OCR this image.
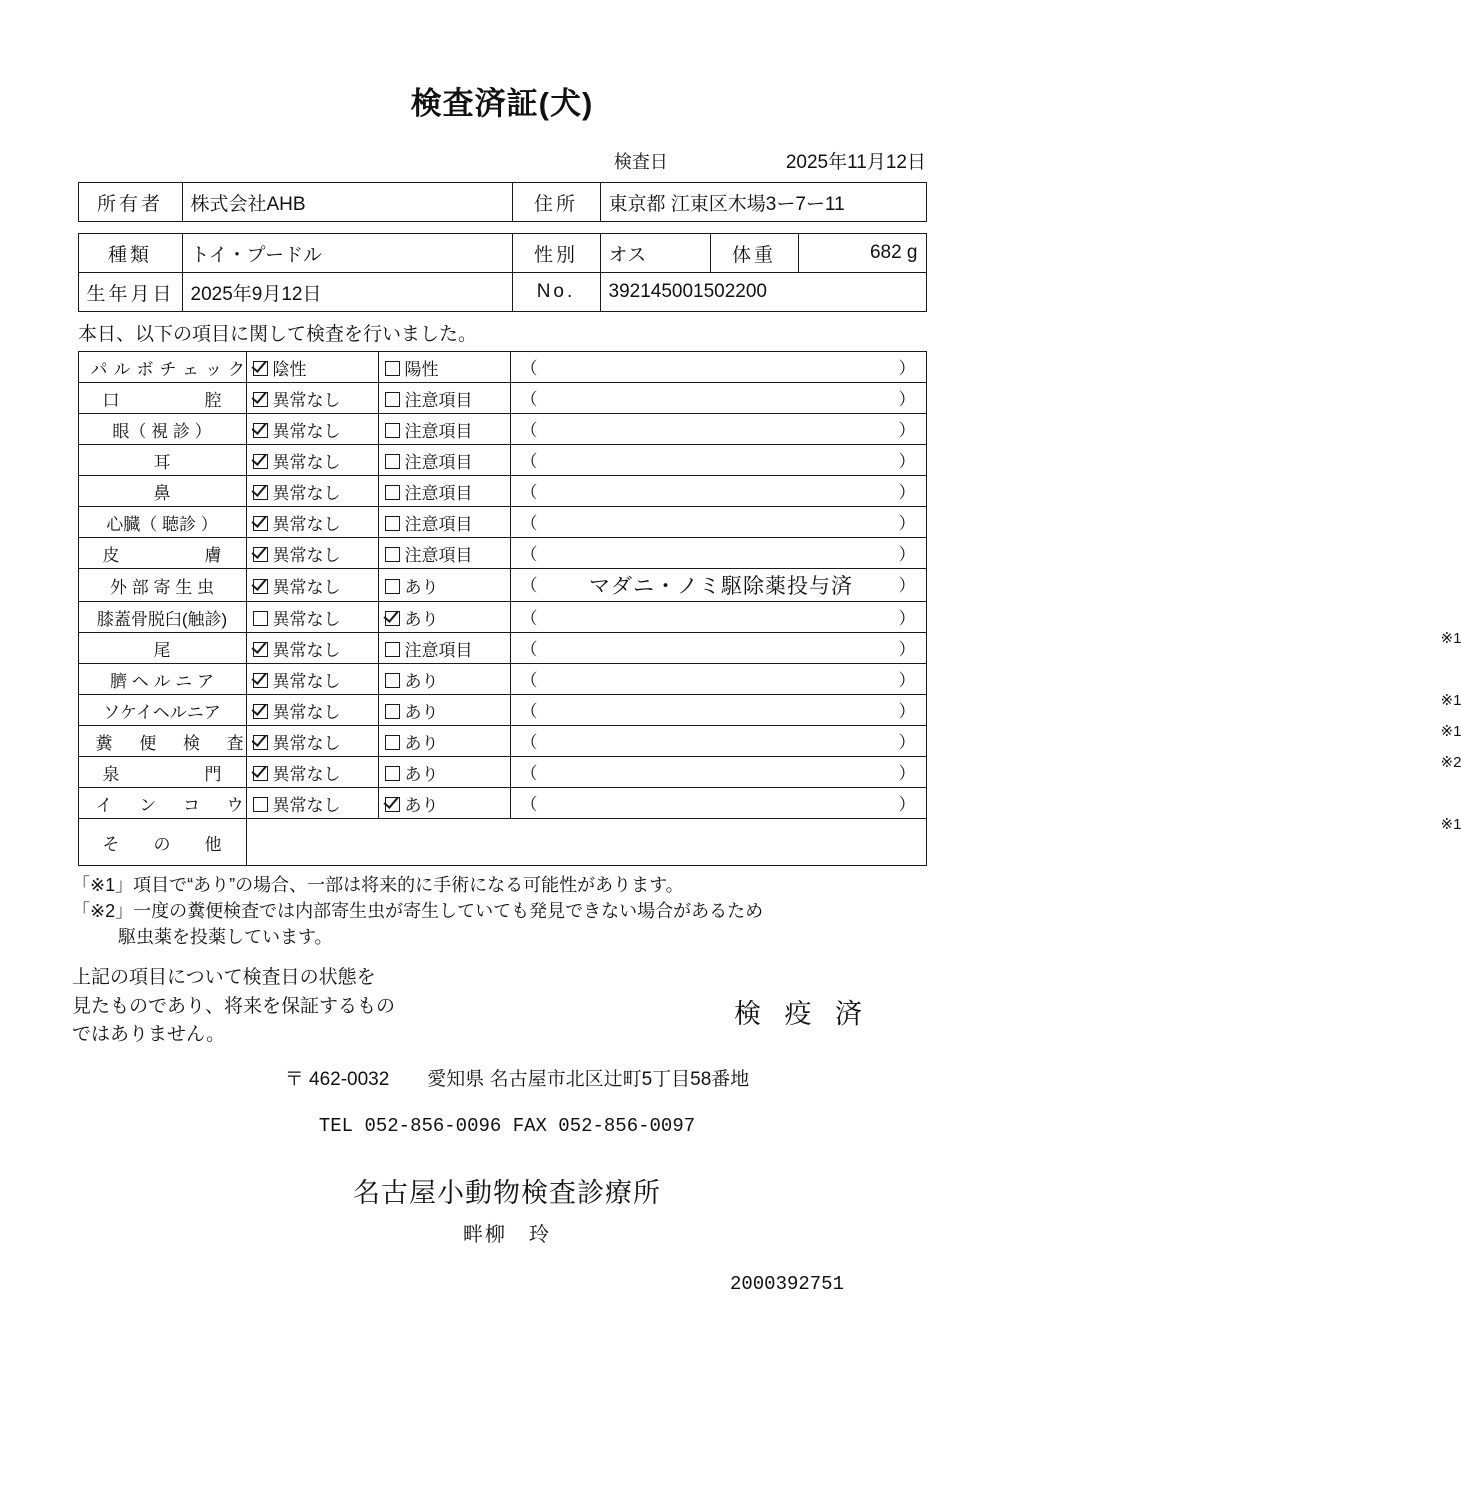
検査済証(犬)
検査日	2025年11月12日
所有者	株式会社AHB	住所	東京都 江東区木場3ー7ー11
種類	トイ・プードル	性別	オス	体重	682 g
生年月日	2025年9月12日	No.	392145001502200		
本日、以下の項目に関して検査を行いました。
パルボチェック	陰性	陽性	（
）

口　　　　　腔	異常なし	注意項目	（
）

眼（ 視 診 ）	異常なし	注意項目	（
）

耳	異常なし	注意項目	（
）

鼻	異常なし	注意項目	（
）

心臓（ 聴診 ）	異常なし	注意項目	（
）

皮　　　　　膚	異常なし	注意項目	（
）

外 部 寄 生 虫	異常なし	あり	（ マダニ・ノミ駆除薬投与済 ）

膝蓋骨脱臼(触診)	異常なし	あり	（
）
※1

尾	異常なし	注意項目	（
）

臍 ヘ ル ニ ア	異常なし	あり	（
）
※1

ソケイヘルニア	異常なし	あり	（
）
※1

糞 便 検 査	異常なし	あり	（
）
※2

泉　　　　　門	異常なし	あり	（
）

イ ン コ ウ	異常なし	あり	（
）
※1

そ　　の　　他			
「※1」項目で“あり”の場合、一部は将来的に手術になる可能性があります。
「※2」一度の糞便検査では内部寄生虫が寄生していても発見できない場合があるため
駆虫薬を投薬しています。
上記の項目について検査日の状態を
見たものであり、将来を保証するもの
ではありません。
検 疫 済
〒 462-0032　　愛知県 名古屋市北区辻町5丁目58番地
TEL 052-856-0096 FAX 052-856-0097
名古屋小動物検査診療所
畔柳　玲
2000392751
